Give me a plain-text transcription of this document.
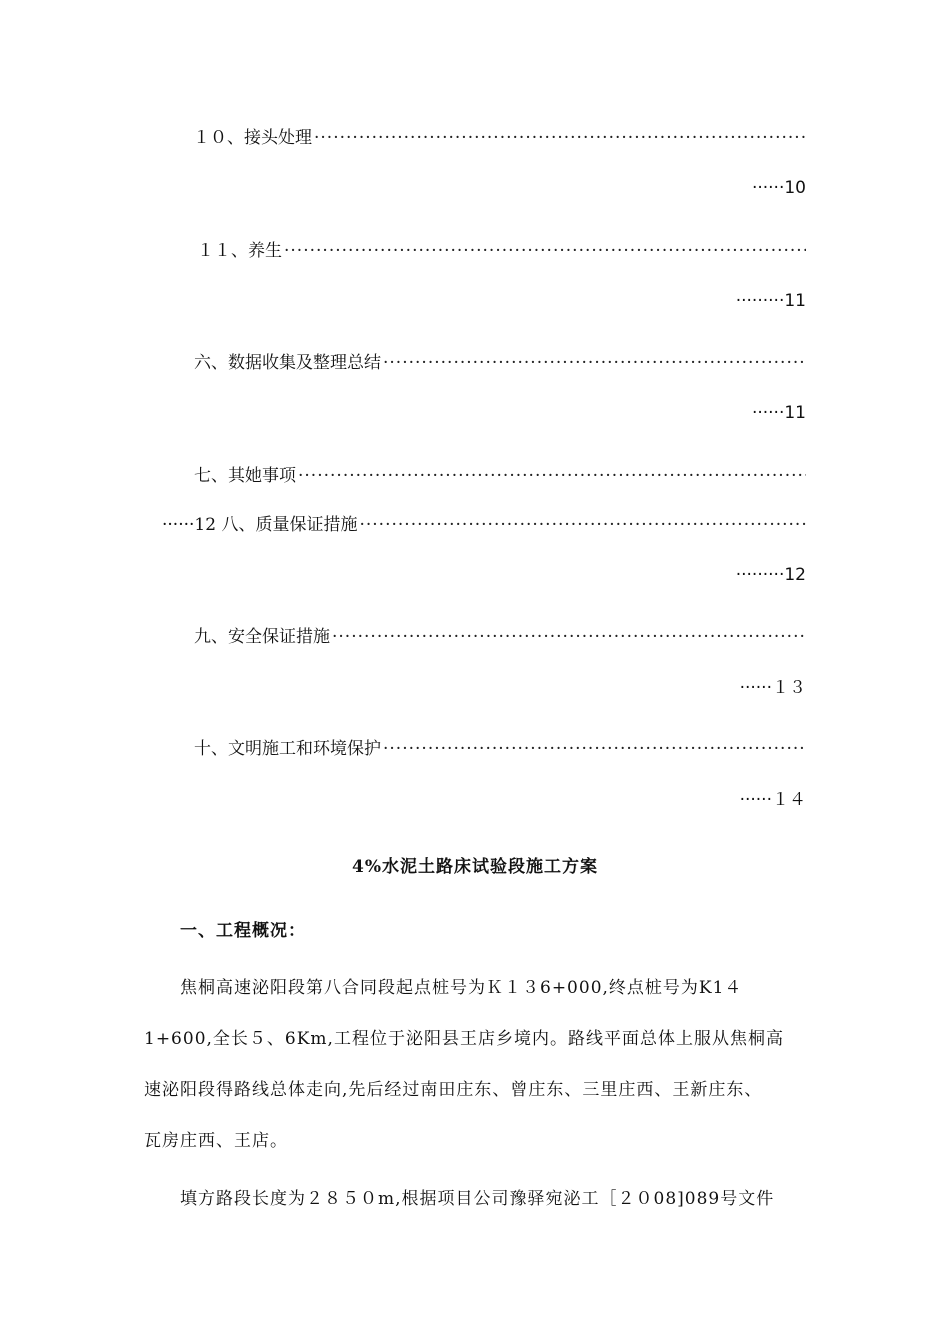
１０、接头处理
·····
······10
１１、养生
·····
·········11
六、数据收集及整理总结
·····
······11
七、其她事项
·····
······12 八、质量保证措施
·····
·········12
九、安全保证措施
·····
······１３
十、文明施工和环境保护
·····
······１４
4%水泥土路床试验段施工方案
一、工程概况：

焦桐高速泌阳段第八合同段起点桩号为Ｋ１３6+000,终点桩号为K1４

1+600,全长５、6Km,工程位于泌阳县王店乡境内。路线平面总体上服从焦桐高

速泌阳段得路线总体走向,先后经过南田庄东、曾庄东、三里庄西、王新庄东、

瓦房庄西、王店。

填方路段长度为２８５０m,根据项目公司豫驿宛泌工［２０08]089号文件
